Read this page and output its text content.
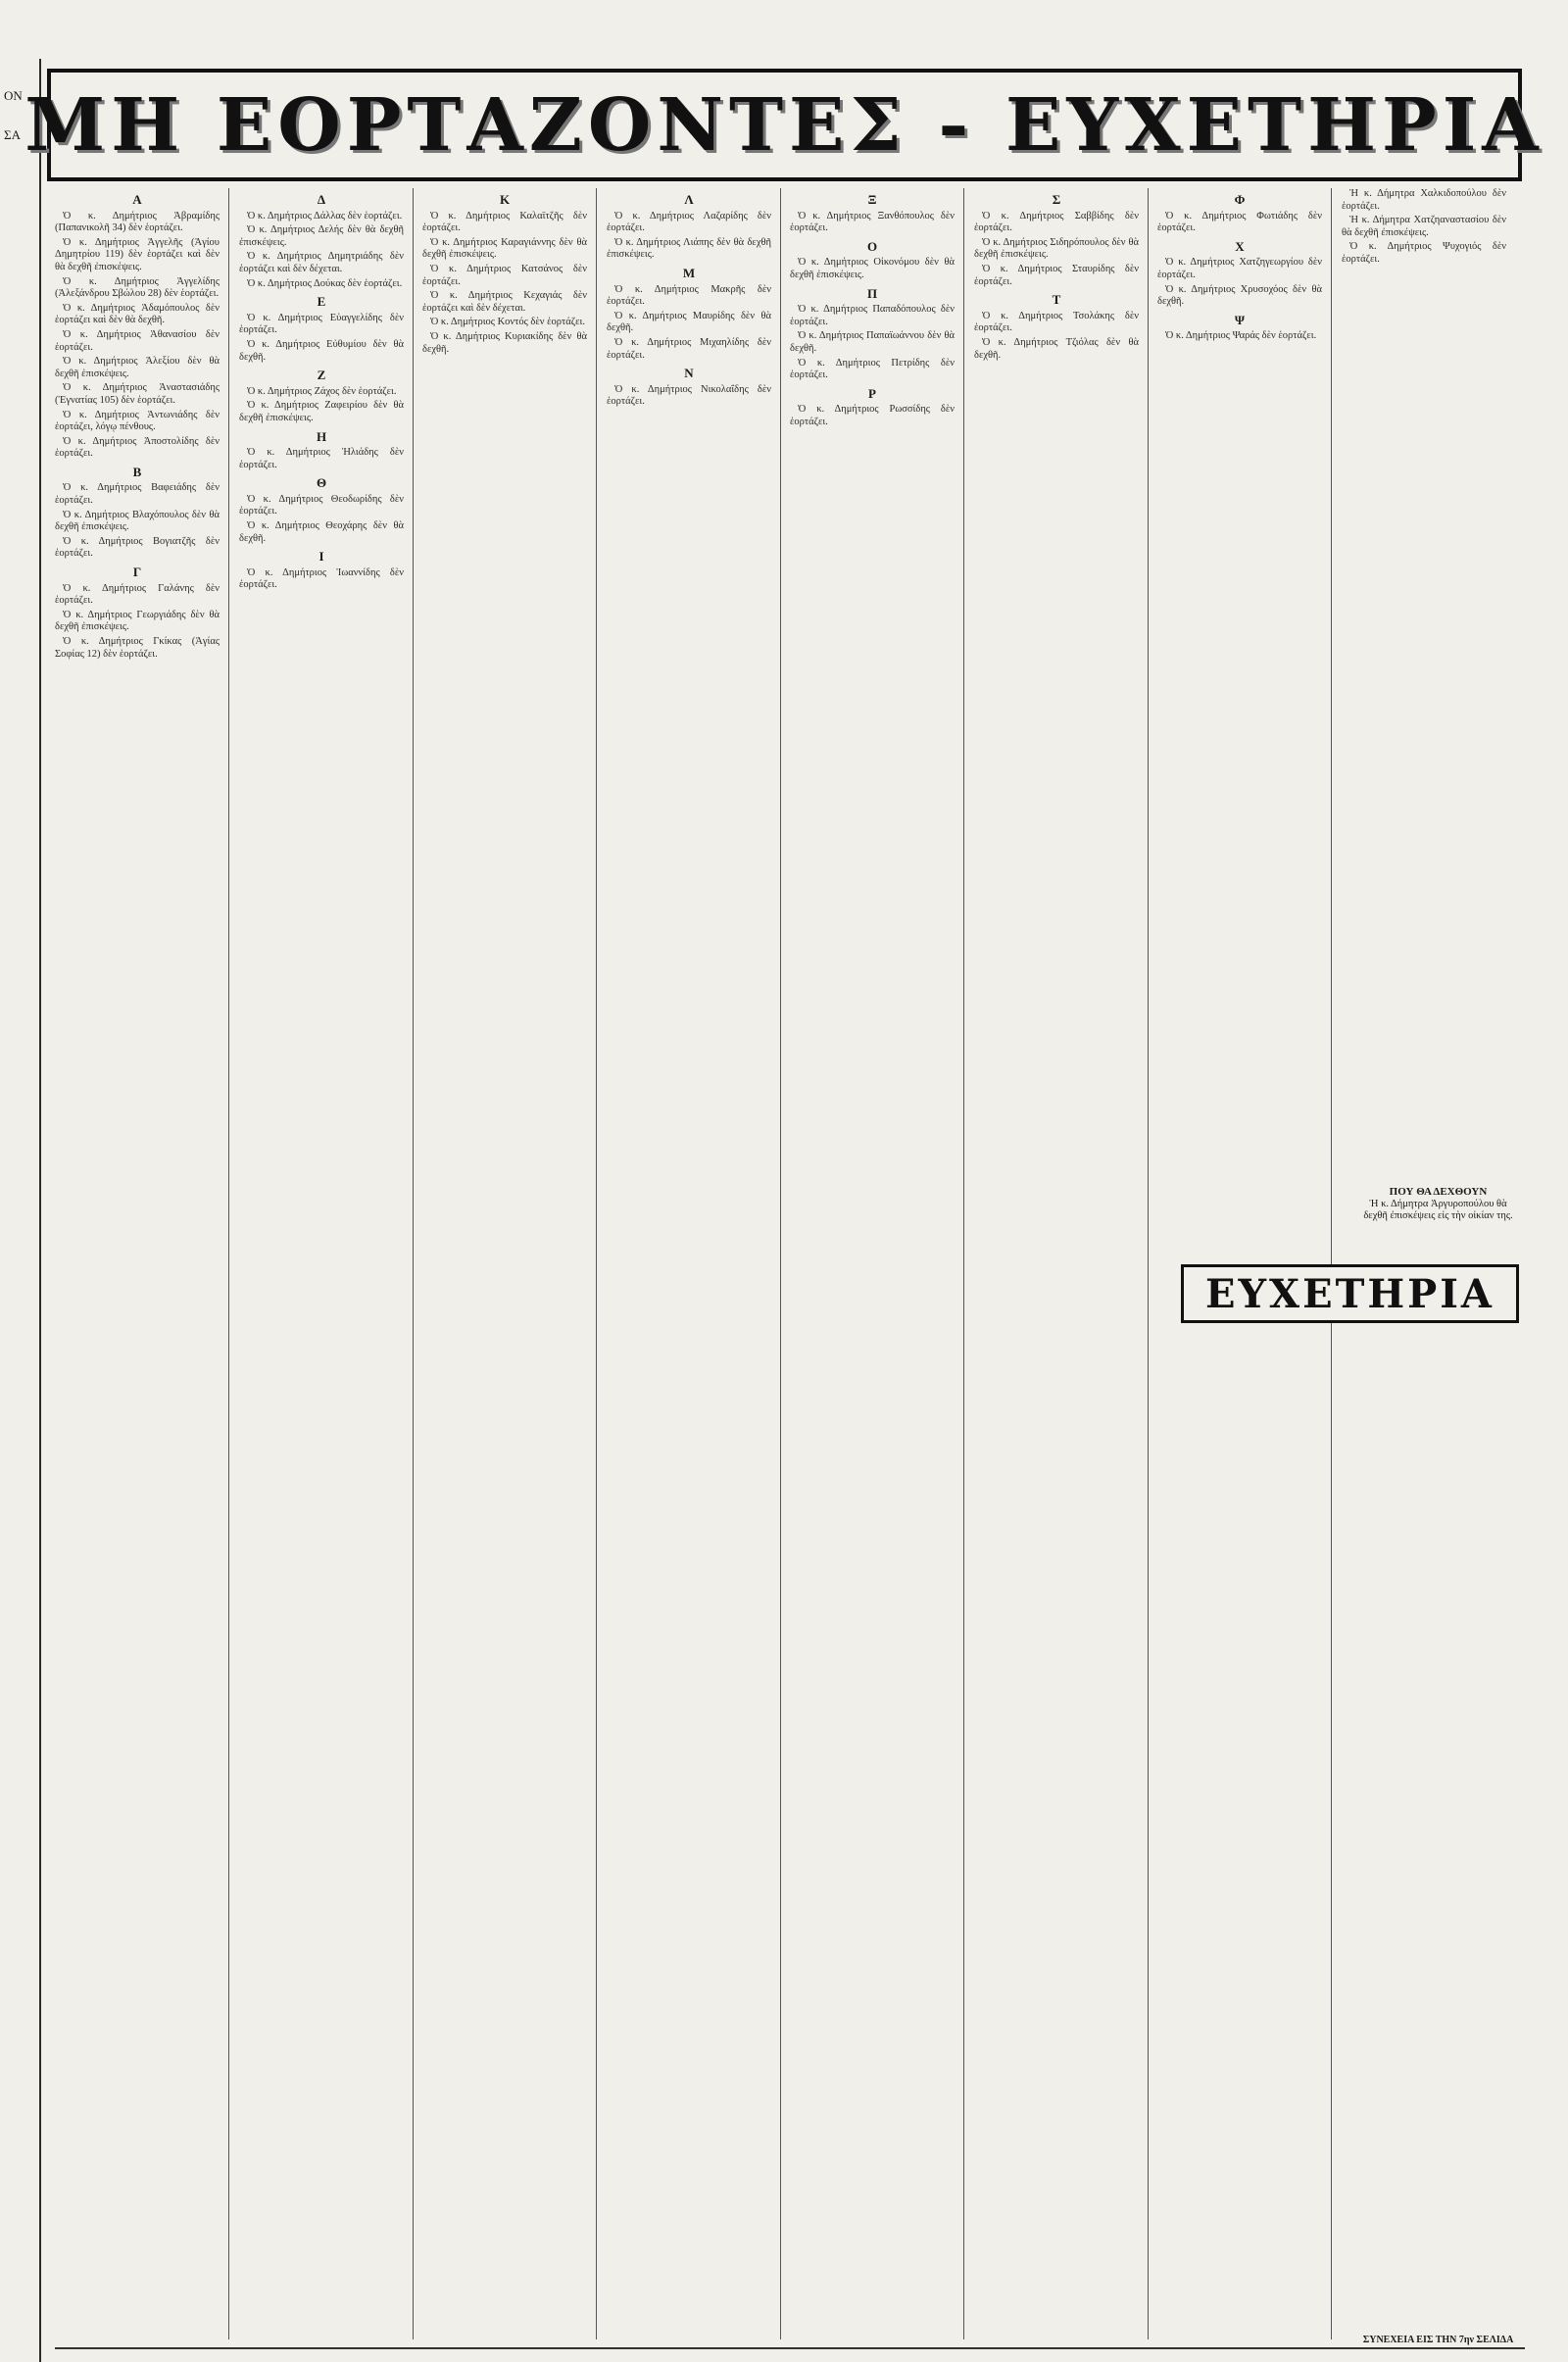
ΟΝ
ΣΑ ΜΗ ΕΟΡΤΑΖΟΝΤΕΣ - ΕΥΧΕΤΗΡΙΑ
Α

Ὁ κ. Δημήτριος Ἀβραμίδης (Παπανικολῆ 34) δὲν ἑορτάζει.

Ὁ κ. Δημήτριος Ἀγγελῆς (Ἀγίου Δημητρίου 119) δὲν ἑορτάζει καὶ δὲν θὰ δεχθῆ ἐπισκέψεις.

Ὁ κ. Δημήτριος Ἀγγελίδης (Ἀλεξάνδρου Σβώλου 28) δὲν ἑορτάζει.

Ὁ κ. Δημήτριος Ἀδαμόπουλος δὲν ἑορτάζει καὶ δὲν θὰ δεχθῆ.

Ὁ κ. Δημήτριος Ἀθανασίου δὲν ἑορτάζει.

Ὁ κ. Δημήτριος Ἀλεξίου δὲν θὰ δεχθῆ ἐπισκέψεις.

Ὁ κ. Δημήτριος Ἀναστασιάδης (Ἐγνατίας 105) δὲν ἑορτάζει.

Ὁ κ. Δημήτριος Ἀντωνιάδης δὲν ἑορτάζει, λόγῳ πένθους.

Ὁ κ. Δημήτριος Ἀποστολίδης δὲν ἑορτάζει.

Β

Ὁ κ. Δημήτριος Βαφειάδης δὲν ἑορτάζει.

Ὁ κ. Δημήτριος Βλαχόπουλος δὲν θὰ δεχθῆ ἐπισκέψεις.

Ὁ κ. Δημήτριος Βογιατζῆς δὲν ἑορτάζει.

Γ

Ὁ κ. Δημήτριος Γαλάνης δὲν ἑορτάζει.

Ὁ κ. Δημήτριος Γεωργιάδης δὲν θὰ δεχθῆ ἐπισκέψεις.

Ὁ κ. Δημήτριος Γκίκας (Ἀγίας Σοφίας 12) δὲν ἑορτάζει.

Δ

Ὁ κ. Δημήτριος Δάλλας δὲν ἑορτάζει.

Ὁ κ. Δημήτριος Δελής δὲν θὰ δεχθῆ ἐπισκέψεις.

Ὁ κ. Δημήτριος Δημητριάδης δὲν ἑορτάζει καὶ δὲν δέχεται.

Ὁ κ. Δημήτριος Δούκας δὲν ἑορτάζει.

Ε

Ὁ κ. Δημήτριος Εὐαγγελίδης δὲν ἑορτάζει.

Ὁ κ. Δημήτριος Εὐθυμίου δὲν θὰ δεχθῆ.

Ζ

Ὁ κ. Δημήτριος Ζάχος δὲν ἑορτάζει.

Ὁ κ. Δημήτριος Ζαφειρίου δὲν θὰ δεχθῆ ἐπισκέψεις.

Η

Ὁ κ. Δημήτριος Ἠλιάδης δὲν ἑορτάζει.

Θ

Ὁ κ. Δημήτριος Θεοδωρίδης δὲν ἑορτάζει.

Ὁ κ. Δημήτριος Θεοχάρης δὲν θὰ δεχθῆ.

Ι

Ὁ κ. Δημήτριος Ἰωαννίδης δὲν ἑορτάζει.

Κ

Ὁ κ. Δημήτριος Καλαϊτζῆς δὲν ἑορτάζει.

Ὁ κ. Δημήτριος Καραγιάννης δὲν θὰ δεχθῆ ἐπισκέψεις.

Ὁ κ. Δημήτριος Κατσάνος δὲν ἑορτάζει.

Ὁ κ. Δημήτριος Κεχαγιάς δὲν ἑορτάζει καὶ δὲν δέχεται.

Ὁ κ. Δημήτριος Κοντός δὲν ἑορτάζει.

Ὁ κ. Δημήτριος Κυριακίδης δὲν θὰ δεχθῆ.

Λ

Ὁ κ. Δημήτριος Λαζαρίδης δὲν ἑορτάζει.

Ὁ κ. Δημήτριος Λιάπης δὲν θὰ δεχθῆ ἐπισκέψεις.

Μ

Ὁ κ. Δημήτριος Μακρῆς δὲν ἑορτάζει.

Ὁ κ. Δημήτριος Μαυρίδης δὲν θὰ δεχθῆ.

Ὁ κ. Δημήτριος Μιχαηλίδης δὲν ἑορτάζει.

Ν

Ὁ κ. Δημήτριος Νικολαΐδης δὲν ἑορτάζει.

Ξ

Ὁ κ. Δημήτριος Ξανθόπουλος δὲν ἑορτάζει.

Ο

Ὁ κ. Δημήτριος Οἰκονόμου δὲν θὰ δεχθῆ ἐπισκέψεις.

Π

Ὁ κ. Δημήτριος Παπαδόπουλος δὲν ἑορτάζει.

Ὁ κ. Δημήτριος Παπαϊωάννου δὲν θὰ δεχθῆ.

Ὁ κ. Δημήτριος Πετρίδης δὲν ἑορτάζει.

Ρ

Ὁ κ. Δημήτριος Ρωσσίδης δὲν ἑορτάζει.

Σ

Ὁ κ. Δημήτριος Σαββίδης δὲν ἑορτάζει.

Ὁ κ. Δημήτριος Σιδηρόπουλος δὲν θὰ δεχθῆ ἐπισκέψεις.

Ὁ κ. Δημήτριος Σταυρίδης δὲν ἑορτάζει.

Τ

Ὁ κ. Δημήτριος Τσολάκης δὲν ἑορτάζει.

Ὁ κ. Δημήτριος Τζιόλας δὲν θὰ δεχθῆ.

Φ

Ὁ κ. Δημήτριος Φωτιάδης δὲν ἑορτάζει.

Χ

Ὁ κ. Δημήτριος Χατζηγεωργίου δὲν ἑορτάζει.

Ὁ κ. Δημήτριος Χρυσοχόος δὲν θὰ δεχθῆ.

Ψ

Ὁ κ. Δημήτριος Ψαράς δὲν ἑορτάζει.

Ἡ κ. Δήμητρα Χαλκιδοπούλου δὲν ἑορτάζει.

Ἡ κ. Δήμητρα Χατζηαναστασίου δὲν θὰ δεχθῆ ἐπισκέψεις.

Ὁ κ. Δημήτριος Ψυχογιός δὲν ἑορτάζει.

ΕΥΧΕΤΗΡΙΑ
ΠΟΥ ΘΑ ΔΕΧΘΟΥΝ
Ἡ κ. Δήμητρα Ἀργυροπούλου θὰ δεχθῆ ἐπισκέψεις εἰς τὴν οἰκίαν της.
ΣΥΝΕΧΕΙΑ ΕΙΣ ΤΗΝ 7ην ΣΕΛΙΔΑ
